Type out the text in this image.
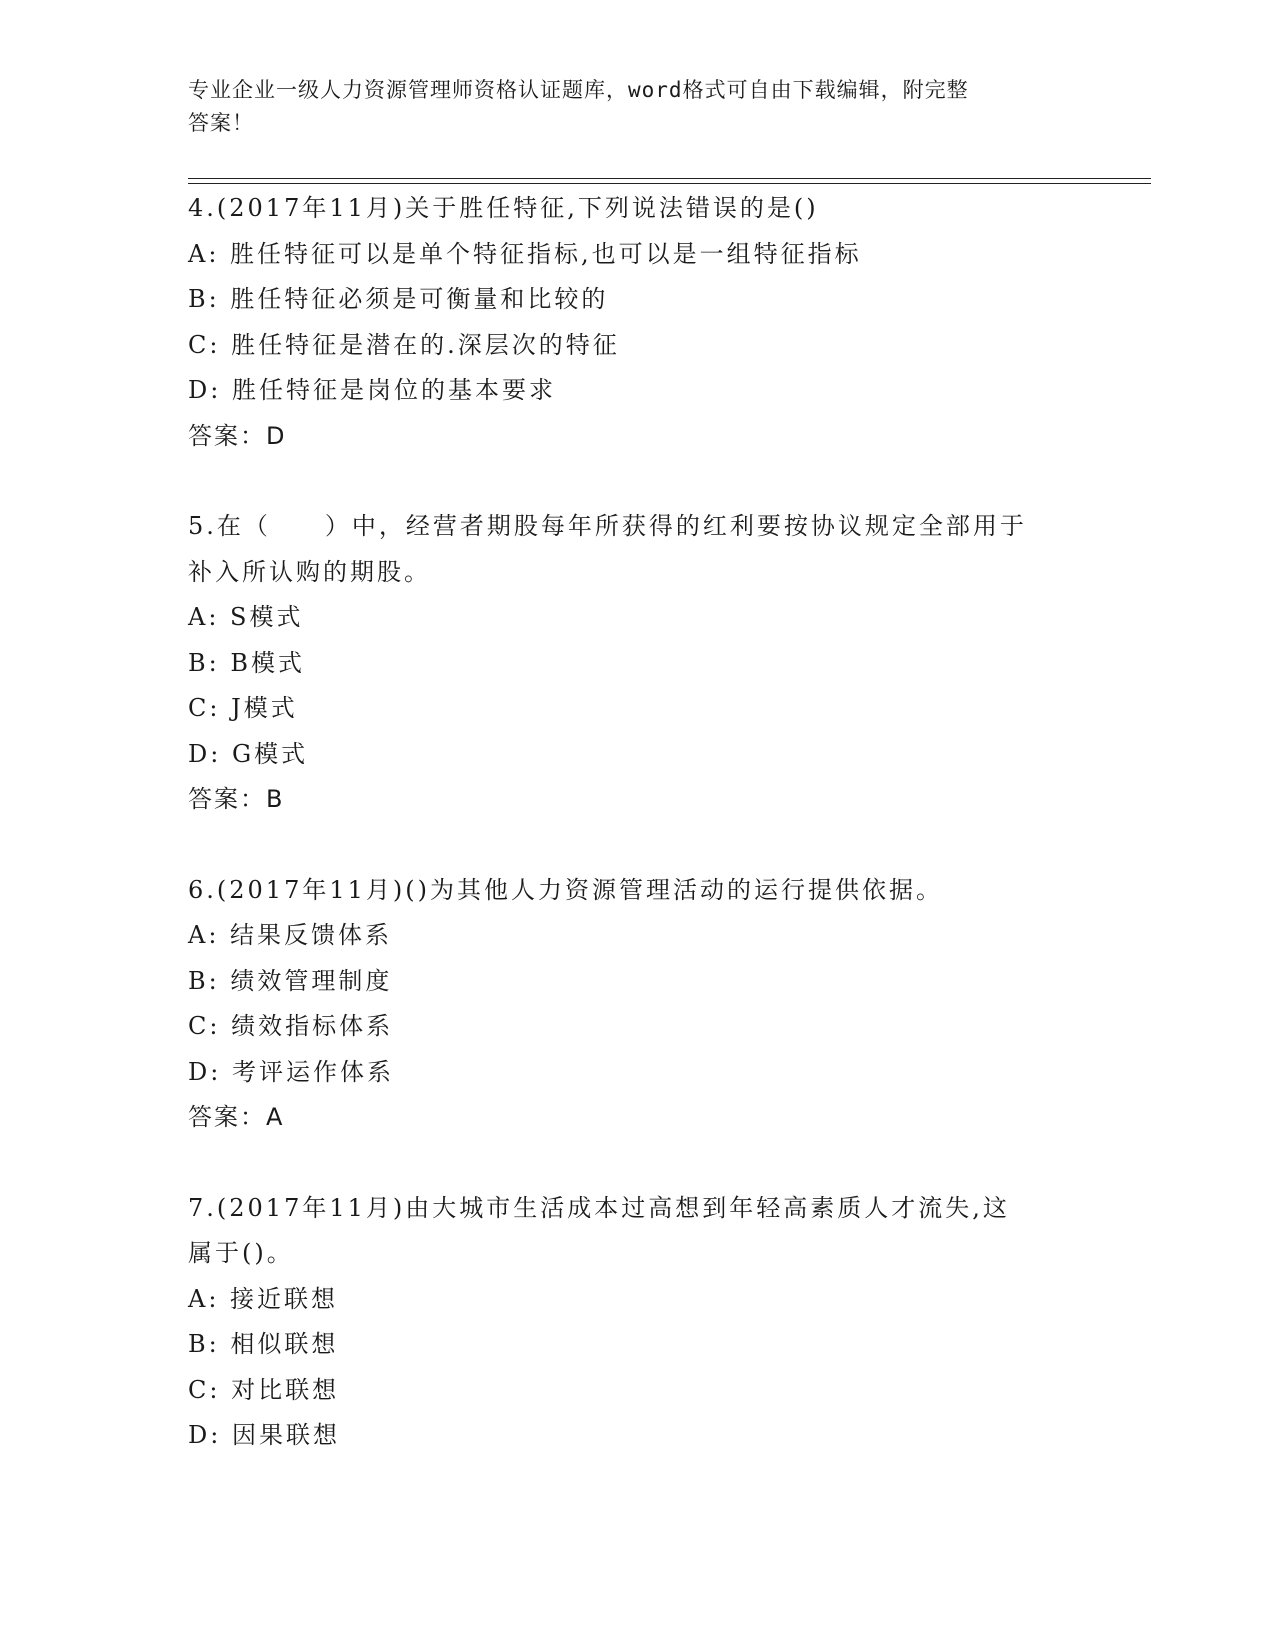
专业企业一级人力资源管理师资格认证题库，word格式可自由下载编辑，附完整
答案！
4.(2017年11月)关于胜任特征,下列说法错误的是()
A: 胜任特征可以是单个特征指标,也可以是一组特征指标
B: 胜任特征必须是可衡量和比较的
C: 胜任特征是潜在的.深层次的特征
D: 胜任特征是岗位的基本要求
答案：D
5.在（　　）中，经营者期股每年所获得的红利要按协议规定全部用于
补入所认购的期股。
A: S模式
B: B模式
C: J模式
D: G模式
答案：B
6.(2017年11月)()为其他人力资源管理活动的运行提供依据。
A: 结果反馈体系
B: 绩效管理制度
C: 绩效指标体系
D: 考评运作体系
答案：A
7.(2017年11月)由大城市生活成本过高想到年轻高素质人才流失,这
属于()。
A: 接近联想
B: 相似联想
C: 对比联想
D: 因果联想
